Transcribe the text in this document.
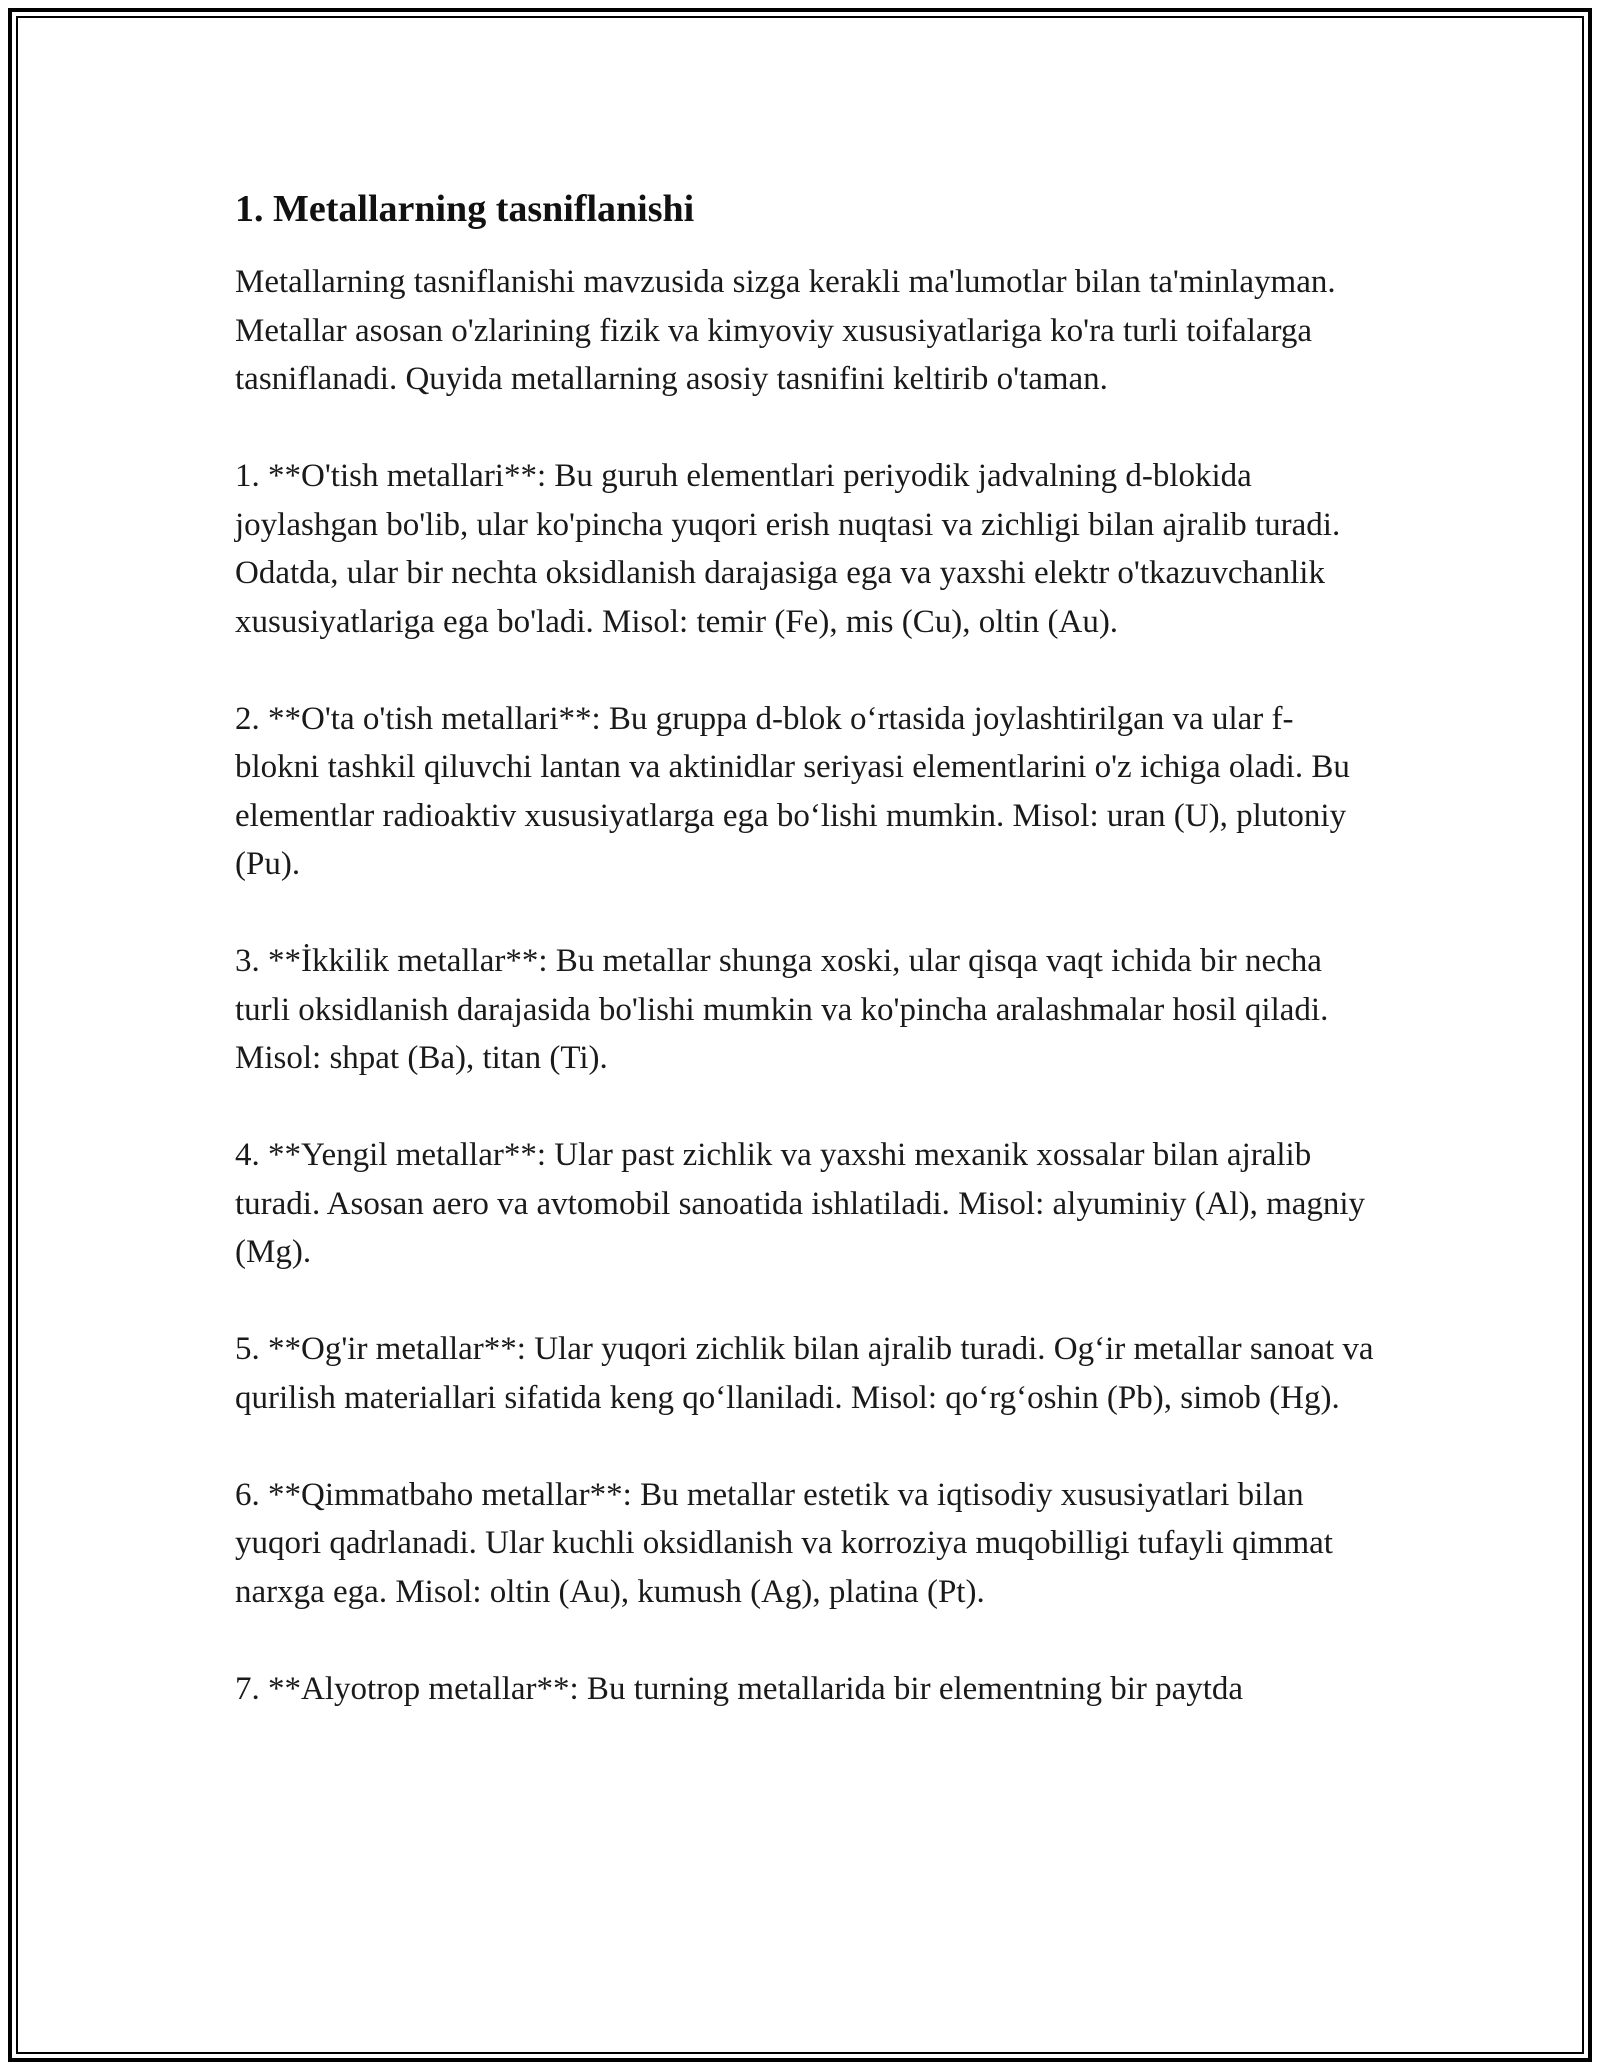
1. Metallarning tasniflanishi

Metallarning tasniflanishi mavzusida sizga kerakli ma'lumotlar bilan ta'minlayman. Metallar asosan o'zlarining fizik va kimyoviy xususiyatlariga ko'ra turli toifalarga tasniflanadi. Quyida metallarning asosiy tasnifini keltirib o'taman.

1. **O'tish metallari**: Bu guruh elementlari periyodik jadvalning d-blokida joylashgan bo'lib, ular ko'pincha yuqori erish nuqtasi va zichligi bilan ajralib turadi. Odatda, ular bir nechta oksidlanish darajasiga ega va yaxshi elektr o'tkazuvchanlik xususiyatlariga ega bo'ladi. Misol: temir (Fe), mis (Cu), oltin (Au).

2. **O'ta o'tish metallari**: Bu gruppa d-blok o‘rtasida joylashtirilgan va ular f-blokni tashkil qiluvchi lantan va aktinidlar seriyasi elementlarini o'z ichiga oladi. Bu elementlar radioaktiv xususiyatlarga ega bo‘lishi mumkin. Misol: uran (U), plutoniy (Pu).

3. **İkkilik metallar**: Bu metallar shunga xoski, ular qisqa vaqt ichida bir necha turli oksidlanish darajasida bo'lishi mumkin va ko'pincha aralashmalar hosil qiladi. Misol: shpat (Ba), titan (Ti).

4. **Yengil metallar**: Ular past zichlik va yaxshi mexanik xossalar bilan ajralib turadi. Asosan aero va avtomobil sanoatida ishlatiladi. Misol: alyuminiy (Al), magniy (Mg).

5. **Og'ir metallar**: Ular yuqori zichlik bilan ajralib turadi. Og‘ir metallar sanoat va qurilish materiallari sifatida keng qo‘llaniladi. Misol: qo‘rg‘oshin (Pb), simob (Hg).

6. **Qimmatbaho metallar**: Bu metallar estetik va iqtisodiy xususiyatlari bilan yuqori qadrlanadi. Ular kuchli oksidlanish va korroziya muqobilligi tufayli qimmat narxga ega. Misol: oltin (Au), kumush (Ag), platina (Pt).

7. **Alyotrop metallar**: Bu turning metallarida bir elementning bir paytda
